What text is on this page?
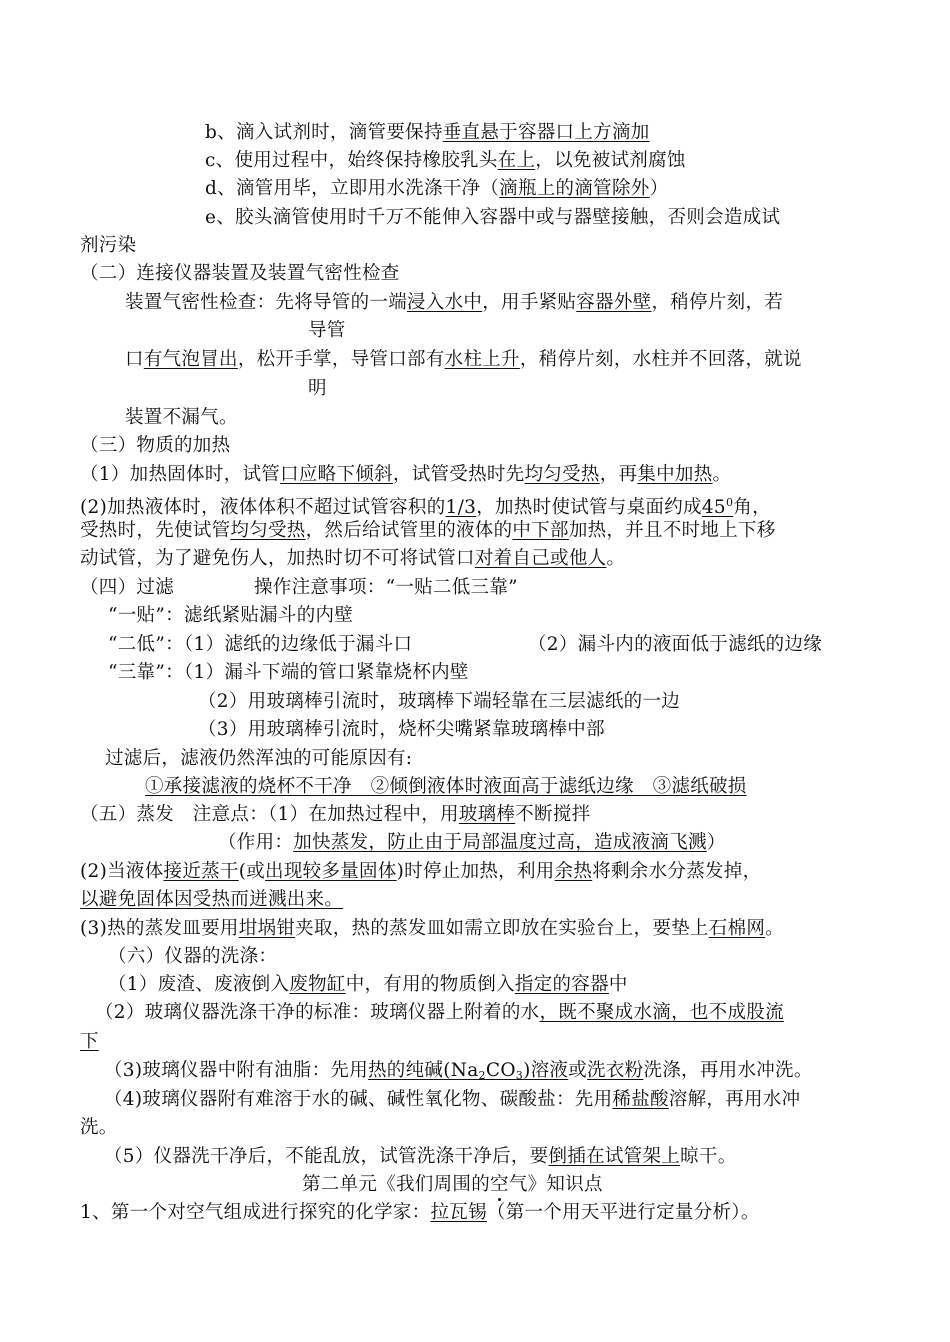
b、滴入试剂时，滴管要保持垂直悬于容器口上方滴加
c、使用过程中，始终保持橡胶乳头在上，以免被试剂腐蚀
d、滴管用毕，立即用水洗涤干净（滴瓶上的滴管除外）
e、胶头滴管使用时千万不能伸入容器中或与器壁接触，否则会造成试
剂污染
（二）连接仪器装置及装置气密性检查
装置气密性检查：先将导管的一端浸入水中，用手紧贴容器外壁，稍停片刻，若
导管
口有气泡冒出，松开手掌，导管口部有水柱上升，稍停片刻，水柱并不回落，就说
明
装置不漏气。
（三）物质的加热
（1）加热固体时，试管口应略下倾斜，试管受热时先均匀受热，再集中加热。
(2)加热液体时，液体体积不超过试管容积的1/3，加热时使试管与桌面约成$45^0$角，
受热时，先使试管均匀受热，然后给试管里的液体的中下部加热，并且不时地上下移
动试管，为了避免伤人，加热时切不可将试管口对着自己或他人。
（四）过滤	操作注意事项：“一贴二低三靠”
“一贴”：滤纸紧贴漏斗的内壁
“二低”：（1）滤纸的边缘低于漏斗口	（2）漏斗内的液面低于滤纸的边缘
“三靠”：（1）漏斗下端的管口紧靠烧杯内壁
（2）用玻璃棒引流时，玻璃棒下端轻靠在三层滤纸的一边
（3）用玻璃棒引流时，烧杯尖嘴紧靠玻璃棒中部
过滤后，滤液仍然浑浊的可能原因有:
①承接滤液的烧杯不干净　②倾倒液体时液面高于滤纸边缘　③滤纸破损
（五）蒸发　注意点：（1）在加热过程中，用玻璃棒不断搅拌
（作用：加快蒸发，防止由于局部温度过高，造成液滴飞溅）
(2)当液体接近蒸干(或出现较多量固体)时停止加热，利用余热将剩余水分蒸发掉，
以避免固体因受热而迸溅出来。
(3)热的蒸发皿要用坩埚钳夹取，热的蒸发皿如需立即放在实验台上，要垫上石棉网。
（六）仪器的洗涤：
（1）废渣、废液倒入废物缸中，有用的物质倒入指定的容器中
（2）玻璃仪器洗涤干净的标准：玻璃仪器上附着的水，既不聚成水滴，也不成股流
下
（3)玻璃仪器中附有油脂：先用热的纯碱$(Na_2CO_3)$溶液或洗衣粉洗涤，再用水冲洗。
（4)玻璃仪器附有难溶于水的碱、碱性氧化物、碳酸盐：先用稀盐酸溶解，再用水冲
洗。
（5）仪器洗干净后，不能乱放，试管洗涤干净后，要倒插在试管架上晾干。
第二单元《我们周围的空气》知识点
1、第一个对空气组成进行探究的化学家：拉瓦锡（第一个用天平进行定量分析）。
